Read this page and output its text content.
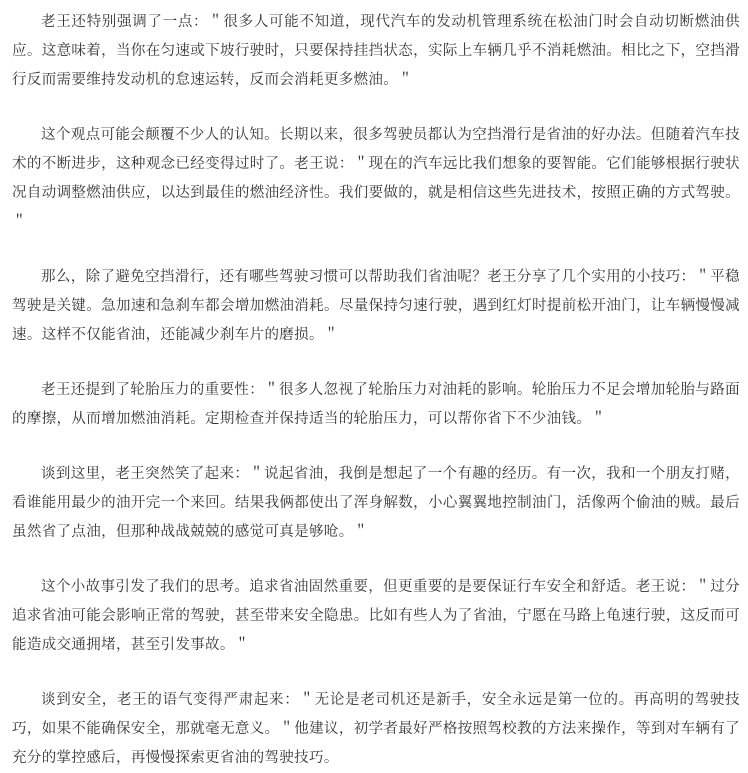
老王还特别强调了一点：＂很多人可能不知道，现代汽车的发动机管理系统在松油门时会自动切断燃油供应。这意味着，当你在匀速或下坡行驶时，只要保持挂挡状态，实际上车辆几乎不消耗燃油。相比之下，空挡滑行反而需要维持发动机的怠速运转，反而会消耗更多燃油。＂

这个观点可能会颠覆不少人的认知。长期以来，很多驾驶员都认为空挡滑行是省油的好办法。但随着汽车技术的不断进步，这种观念已经变得过时了。老王说：＂现在的汽车远比我们想象的要智能。它们能够根据行驶状况自动调整燃油供应，以达到最佳的燃油经济性。我们要做的，就是相信这些先进技术，按照正确的方式驾驶。＂

那么，除了避免空挡滑行，还有哪些驾驶习惯可以帮助我们省油呢？老王分享了几个实用的小技巧：＂平稳驾驶是关键。急加速和急刹车都会增加燃油消耗。尽量保持匀速行驶，遇到红灯时提前松开油门，让车辆慢慢减速。这样不仅能省油，还能减少刹车片的磨损。＂

老王还提到了轮胎压力的重要性：＂很多人忽视了轮胎压力对油耗的影响。轮胎压力不足会增加轮胎与路面的摩擦，从而增加燃油消耗。定期检查并保持适当的轮胎压力，可以帮你省下不少油钱。＂

谈到这里，老王突然笑了起来：＂说起省油，我倒是想起了一个有趣的经历。有一次，我和一个朋友打赌，看谁能用最少的油开完一个来回。结果我俩都使出了浑身解数，小心翼翼地控制油门，活像两个偷油的贼。最后虽然省了点油，但那种战战兢兢的感觉可真是够呛。＂

这个小故事引发了我们的思考。追求省油固然重要，但更重要的是要保证行车安全和舒适。老王说：＂过分追求省油可能会影响正常的驾驶，甚至带来安全隐患。比如有些人为了省油，宁愿在马路上龟速行驶，这反而可能造成交通拥堵，甚至引发事故。＂

谈到安全，老王的语气变得严肃起来：＂无论是老司机还是新手，安全永远是第一位的。再高明的驾驶技巧，如果不能确保安全，那就毫无意义。＂他建议，初学者最好严格按照驾校教的方法来操作，等到对车辆有了充分的掌控感后，再慢慢探索更省油的驾驶技巧。
